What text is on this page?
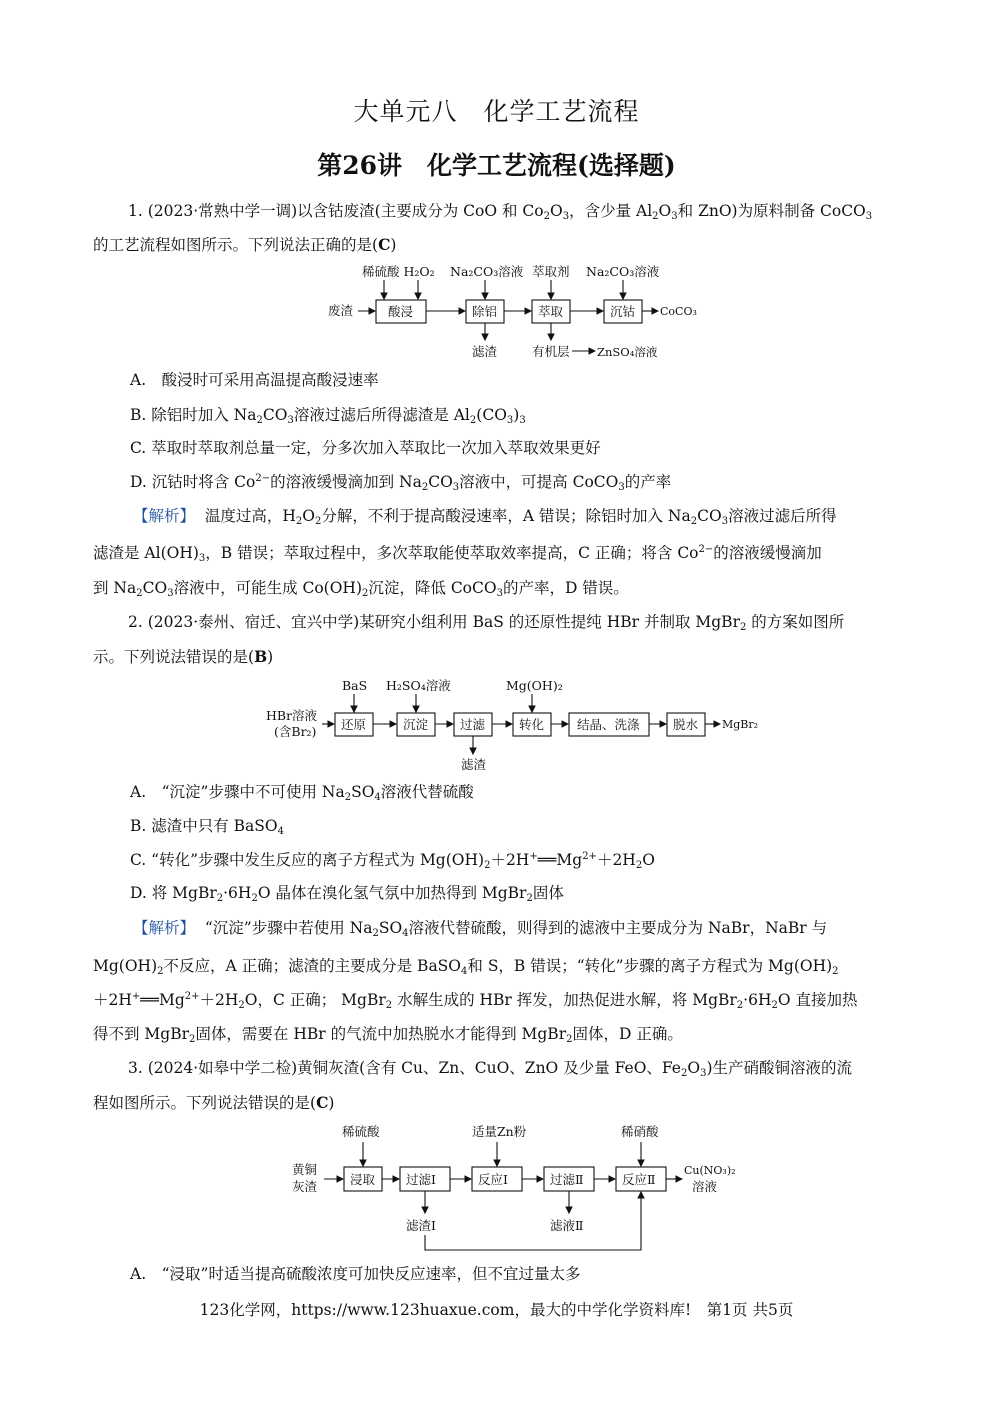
大单元八　化学工艺流程
第26讲　化学工艺流程(选择题)
1. (2023·常熟中学一调)以含钴废渣(主要成分为 CoO 和 $Co_2O_3$，含少量 $Al_2O_3$和 ZnO)为原料制备 CoCO$_3$
的工艺流程如图所示。下列说法正确的是(C)
废渣	酸浸	除铝	萃取	沉钴 CoCO₃
稀硫酸 H₂O₂ Na₂CO₃溶液 萃取剂 Na₂CO₃溶液
滤渣	有机层 ZnSO₄溶液
A.　酸浸时可采用高温提高酸浸速率
B. 除铝时加入 $Na_2CO_3$溶液过滤后所得滤渣是 $Al_2(CO_3)_3$
C. 萃取时萃取剂总量一定，分多次加入萃取比一次加入萃取效果更好
D. 沉钴时将含 $Co^{2-}$的溶液缓慢滴加到 $Na_2CO_3$溶液中，可提高 CoCO$_3$的产率
【解析】 温度过高，$H_2O_2$分解，不利于提高酸浸速率，A 错误；除铝时加入 $Na_2CO_3$溶液过滤后所得
滤渣是 $Al(OH)_3$，B 错误；萃取过程中，多次萃取能使萃取效率提高，C 正确；将含 $Co^{2-}$的溶液缓慢滴加
到 $Na_2CO_3$溶液中，可能生成 $Co(OH)_2$沉淀，降低 CoCO$_3$的产率，D 错误。
2. (2023·泰州、宿迁、宜兴中学)某研究小组利用 BaS 的还原性提纯 HBr 并制取 MgBr$_2$ 的方案如图所
示。下列说法错误的是(B)
HBr溶液
(含Br₂) 还原	沉淀	过滤	转化	结晶、洗涤	脱水 MgBr₂
BaS H₂SO₄溶液	Mg(OH)₂
滤渣
A.　“沉淀”步骤中不可使用 $Na_2SO_4$溶液代替硫酸
B. 滤渣中只有 BaSO$_4$
C. “转化”步骤中发生反应的离子方程式为 $Mg(OH)_2+2H^+══Mg^{2+}+2H_2O$
D. 将 $MgBr_2\cdot 6H_2O$ 晶体在溴化氢气氛中加热得到 MgBr$_2$固体
【解析】 “沉淀”步骤中若使用 $Na_2SO_4$溶液代替硫酸，则得到的滤液中主要成分为 NaBr，NaBr 与
$Mg(OH)_2$不反应，A 正确；滤渣的主要成分是 BaSO$_4$和 S，B 错误；“转化”步骤的离子方程式为 $Mg(OH)_2$
$+2H^+══Mg^{2+}+2H_2O$，C 正确； MgBr$_2$ 水解生成的 HBr 挥发，加热促进水解，将 $MgBr_2\cdot 6H_2O$ 直接加热
得不到 MgBr$_2$固体，需要在 HBr 的气流中加热脱水才能得到 MgBr$_2$固体，D 正确。
3. (2024·如皋中学二检)黄铜灰渣(含有 Cu、Zn、CuO、ZnO 及少量 FeO、$Fe_2O_3$)生产硝酸铜溶液的流
程如图所示。下列说法错误的是(C)
黄铜
灰渣	浸取 过滤Ⅰ	反应Ⅰ	过滤Ⅱ	反应Ⅱ
Cu(NO₃)₂
溶液
稀硫酸	适量Zn粉	稀硝酸
滤渣Ⅰ	滤液Ⅱ
A.　“浸取”时适当提高硫酸浓度可加快反应速率，但不宜过量太多
123化学网，https://www.123huaxue.com，最大的中学化学资料库!　第1页 共5页
